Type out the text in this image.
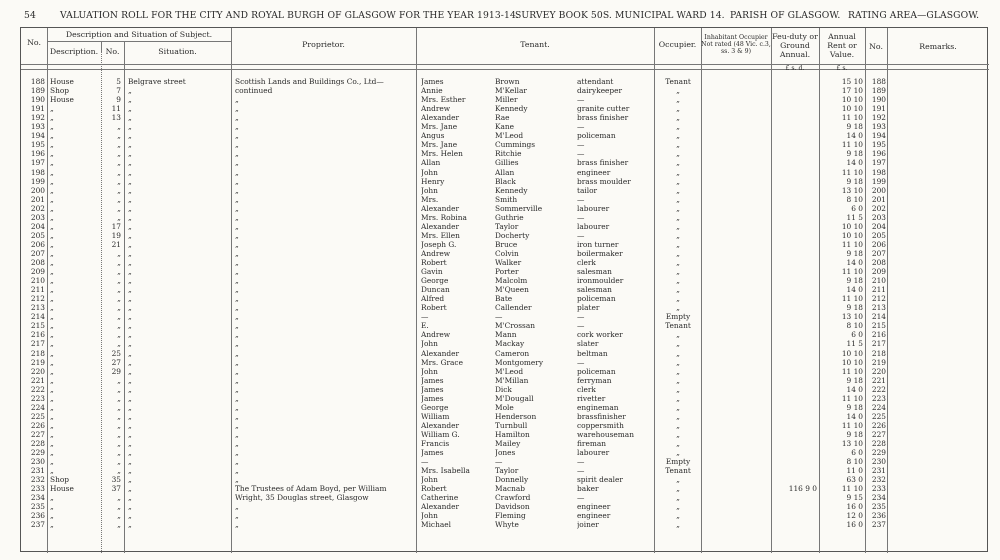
54	VALUATION ROLL FOR THE CITY AND ROYAL BURGH OF GLASGOW FOR THE YEAR 1913-14.
SURVEY BOOK 50S. MUNICIPAL WARD 14. PARISH OF GLASGOW. RATING AREA—GLASGOW.
No.
Description and Situation of Subject.
Description. No.	Situation.
Proprietor.	Tenant.	Occupier.
Inhabitant Occupier Not rated (48 Vic. c.3, ss. 3 & 9)
Feu-duty or Ground Annual.
£ s. d.
Annual Rent or Value.
£ s.
No.	Remarks.
188 House	5 Belgrave street	Scottish Lands and Buildings Co., Ltd—	James	Brown	attendant	Tenant	15 10	188
189 Shop	7 „	continued	Annie	M'Kellar	dairykeeper	„	17 10	189
190 House	9 „	„	Mrs. Esther	Miller	—	„	10 10	190
191 „	11 „	„	Andrew	Kennedy	granite cutter	„	10 10	191
192 „	13 „	„	Alexander	Rae	brass finisher	„	11 10	192
193 „	„ „	„	Mrs. Jane	Kane	—	„	9 18	193
194 „	„ „	„	Angus	M'Leod	policeman	„	14 0	194
195 „	„ „	„	Mrs. Jane	Cummings	—	„	11 10	195
196 „	„ „	„	Mrs. Helen	Ritchie	—	„	9 18	196
197 „	„ „	„	Allan	Gillies	brass finisher	„	14 0	197
198 „	„ „	„	John	Allan	engineer	„	11 10	198
199 „	„ „	„	Henry	Black	brass moulder	„	9 18	199
200 „	„ „	„	John	Kennedy	tailor	„	13 10	200
201 „	„ „	„	Mrs.	Smith	—	„	8 10	201
202 „	„ „	„	Alexander	Sommerville	labourer	„	6 0	202
203 „	„ „	„	Mrs. Robina	Guthrie	—	„	11 5	203
204 „	17 „	„	Alexander	Taylor	labourer	„	10 10	204
205 „	19 „	„	Mrs. Ellen	Docherty	—	„	10 10	205
206 „	21 „	„	Joseph G.	Bruce	iron turner	„	11 10	206
207 „	„ „	„	Andrew	Colvin	boilermaker	„	9 18	207
208 „	„ „	„	Robert	Walker	clerk	„	14 0	208
209 „	„ „	„	Gavin	Porter	salesman	„	11 10	209
210 „	„ „	„	George	Malcolm	ironmoulder	„	9 18	210
211 „	„ „	„	Duncan	M'Queen	salesman	„	14 0	211
212 „	„ „	„	Alfred	Bate	policeman	„	11 10	212
213 „	„ „	„	Robert	Callender	plater	„	9 18	213
214 „	„ „	„	—	—	—	Empty	13 10	214
215 „	„ „	„	E.	M'Crossan	—	Tenant	8 10	215
216 „	„ „	„	Andrew	Mann	cork worker	„	6 0	216
217 „	„ „	„	John	Mackay	slater	„	11 5	217
218 „	25 „	„	Alexander	Cameron	beltman	„	10 10	218
219 „	27 „	„	Mrs. Grace	Montgomery	—	„	10 10	219
220 „	29 „	„	John	M'Leod	policeman	„	11 10	220
221 „	„ „	„	James	M'Millan	ferryman	„	9 18	221
222 „	„ „	„	James	Dick	clerk	„	14 0	222
223 „	„ „	„	James	M'Dougall	rivetter	„	11 10	223
224 „	„ „	„	George	Mole	engineman	„	9 18	224
225 „	„ „	„	William	Henderson	brassfinisher	„	14 0	225
226 „	„ „	„	Alexander	Turnbull	coppersmith	„	11 10	226
227 „	„ „	„	William G.	Hamilton	warehouseman	„	9 18	227
228 „	„ „	„	Francis	Mailey	fireman	„	13 10	228
229 „	„ „	„	James	Jones	labourer	„	6 0	229
230 „	„ „	„	—	—	—	Empty	8 10	230
231 „	„ „	„	Mrs. Isabella	Taylor	—	Tenant	11 0	231
232 Shop	35 „	„	John	Donnelly	spirit dealer	„	63 0	232
233 House	37 „	The Trustees of Adam Boyd, per William	Robert	Macnab	baker	„	116 9 0	11 10	233
234 „	„ „	Wright, 35 Douglas street, Glasgow	Catherine	Crawford	—	„	9 15	234
235 „	„ „	„	Alexander	Davidson	engineer	„	16 0	235
236 „	„ „	„	John	Fleming	engineer	„	12 0	236
237 „	„ „	„	Michael	Whyte	joiner	„	16 0	237
